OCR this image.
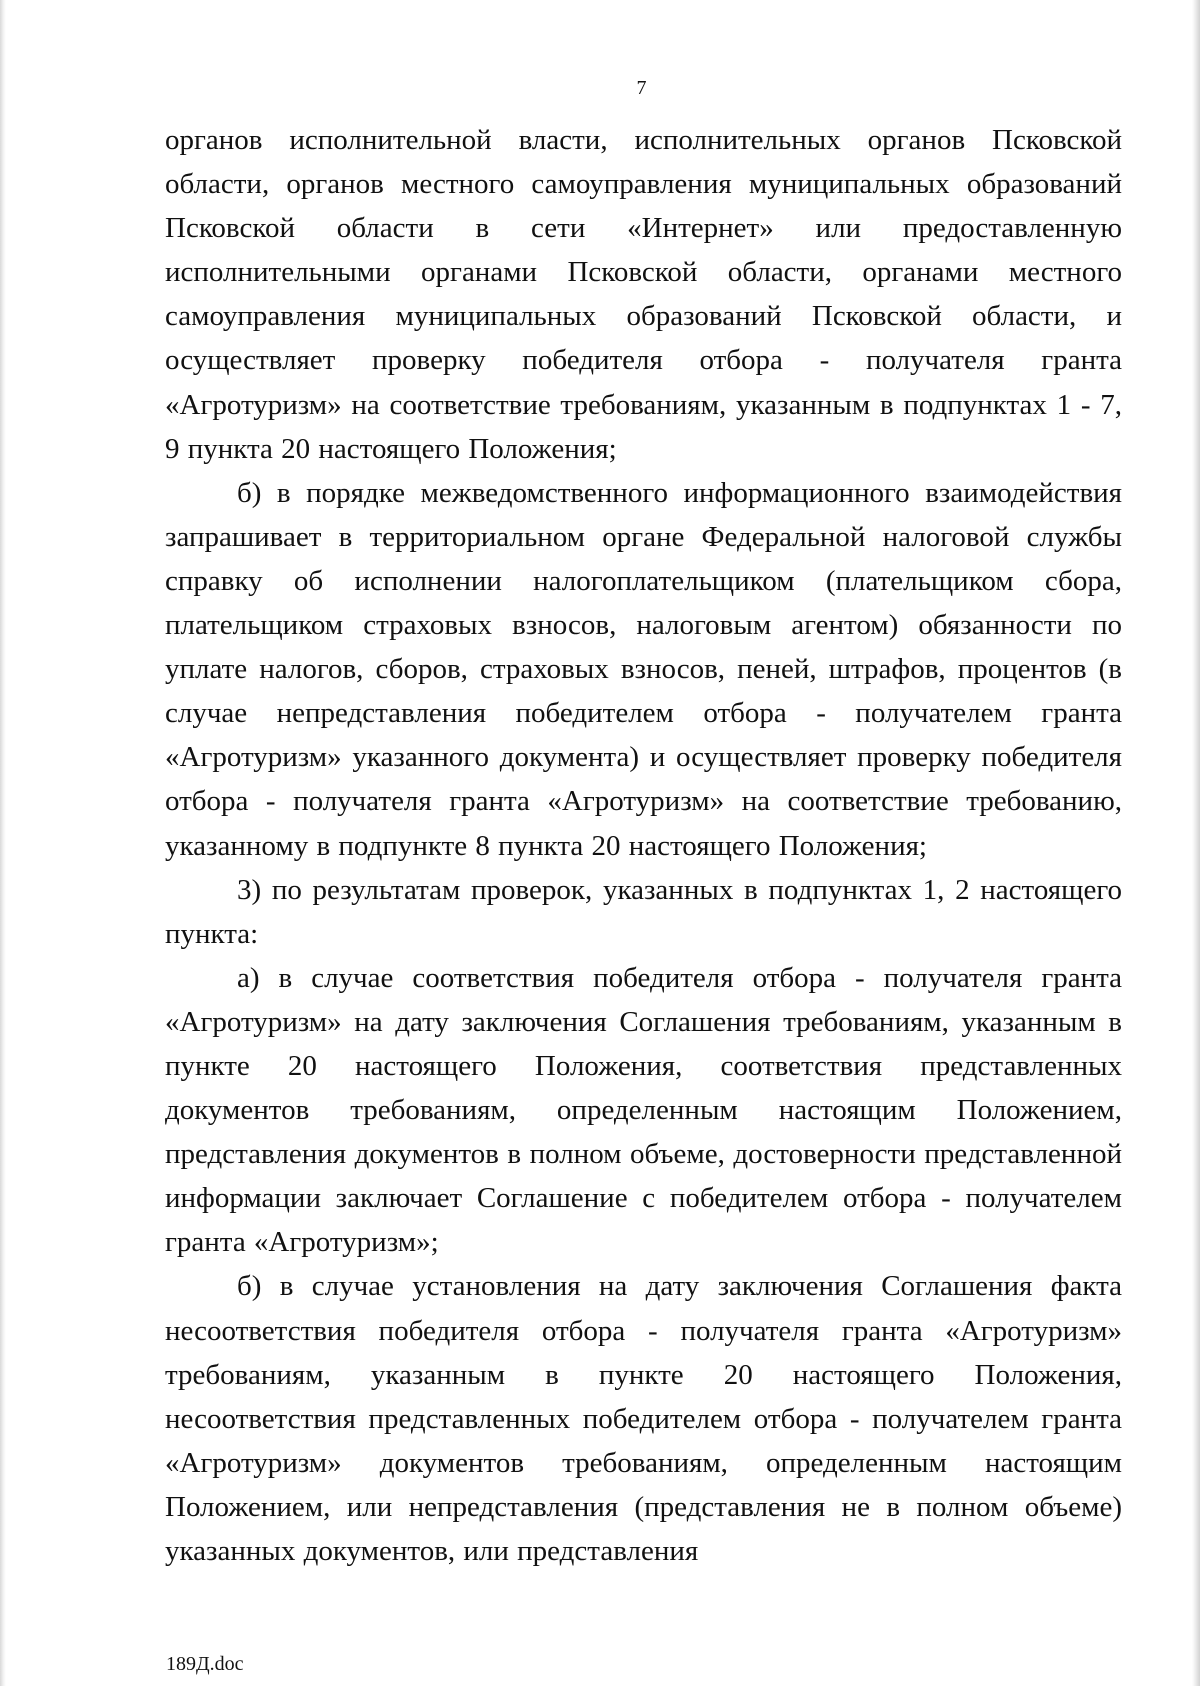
7

органов исполнительной власти, исполнительных органов Псковской области, органов местного самоуправления муниципальных образований Псковской области в сети «Интернет» или предоставленную исполнительными органами Псковской области, органами местного самоуправления муниципальных образований Псковской области, и осуществляет проверку победителя отбора - получателя гранта «Агротуризм» на соответствие требованиям, указанным в подпунктах 1 - 7, 9 пункта 20 настоящего Положения;

б) в порядке межведомственного информационного взаимодействия запрашивает в территориальном органе Федеральной налоговой службы справку об исполнении налогоплательщиком (плательщиком сбора, плательщиком страховых взносов, налоговым агентом) обязанности по уплате налогов, сборов, страховых взносов, пеней, штрафов, процентов (в случае непредставления победителем отбора - получателем гранта «Агротуризм» указанного документа) и осуществляет проверку победителя отбора - получателя гранта «Агротуризм» на соответствие требованию, указанному в подпункте 8 пункта 20 настоящего Положения;

3) по результатам проверок, указанных в подпунктах 1, 2 настоящего пункта:

а) в случае соответствия победителя отбора - получателя гранта «Агротуризм» на дату заключения Соглашения требованиям, указанным в пункте 20 настоящего Положения, соответствия представленных документов требованиям, определенным настоящим Положением, представления документов в полном объеме, достоверности представленной информации заключает Соглашение с победителем отбора - получателем гранта «Агротуризм»;

б) в случае установления на дату заключения Соглашения факта несоответствия победителя отбора - получателя гранта «Агротуризм» требованиям, указанным в пункте 20 настоящего Положения, несоответствия представленных победителем отбора - получателем гранта «Агротуризм» документов требованиям, определенным настоящим Положением, или непредставления (представления не в полном объеме) указанных документов, или представления

189Д.doc
